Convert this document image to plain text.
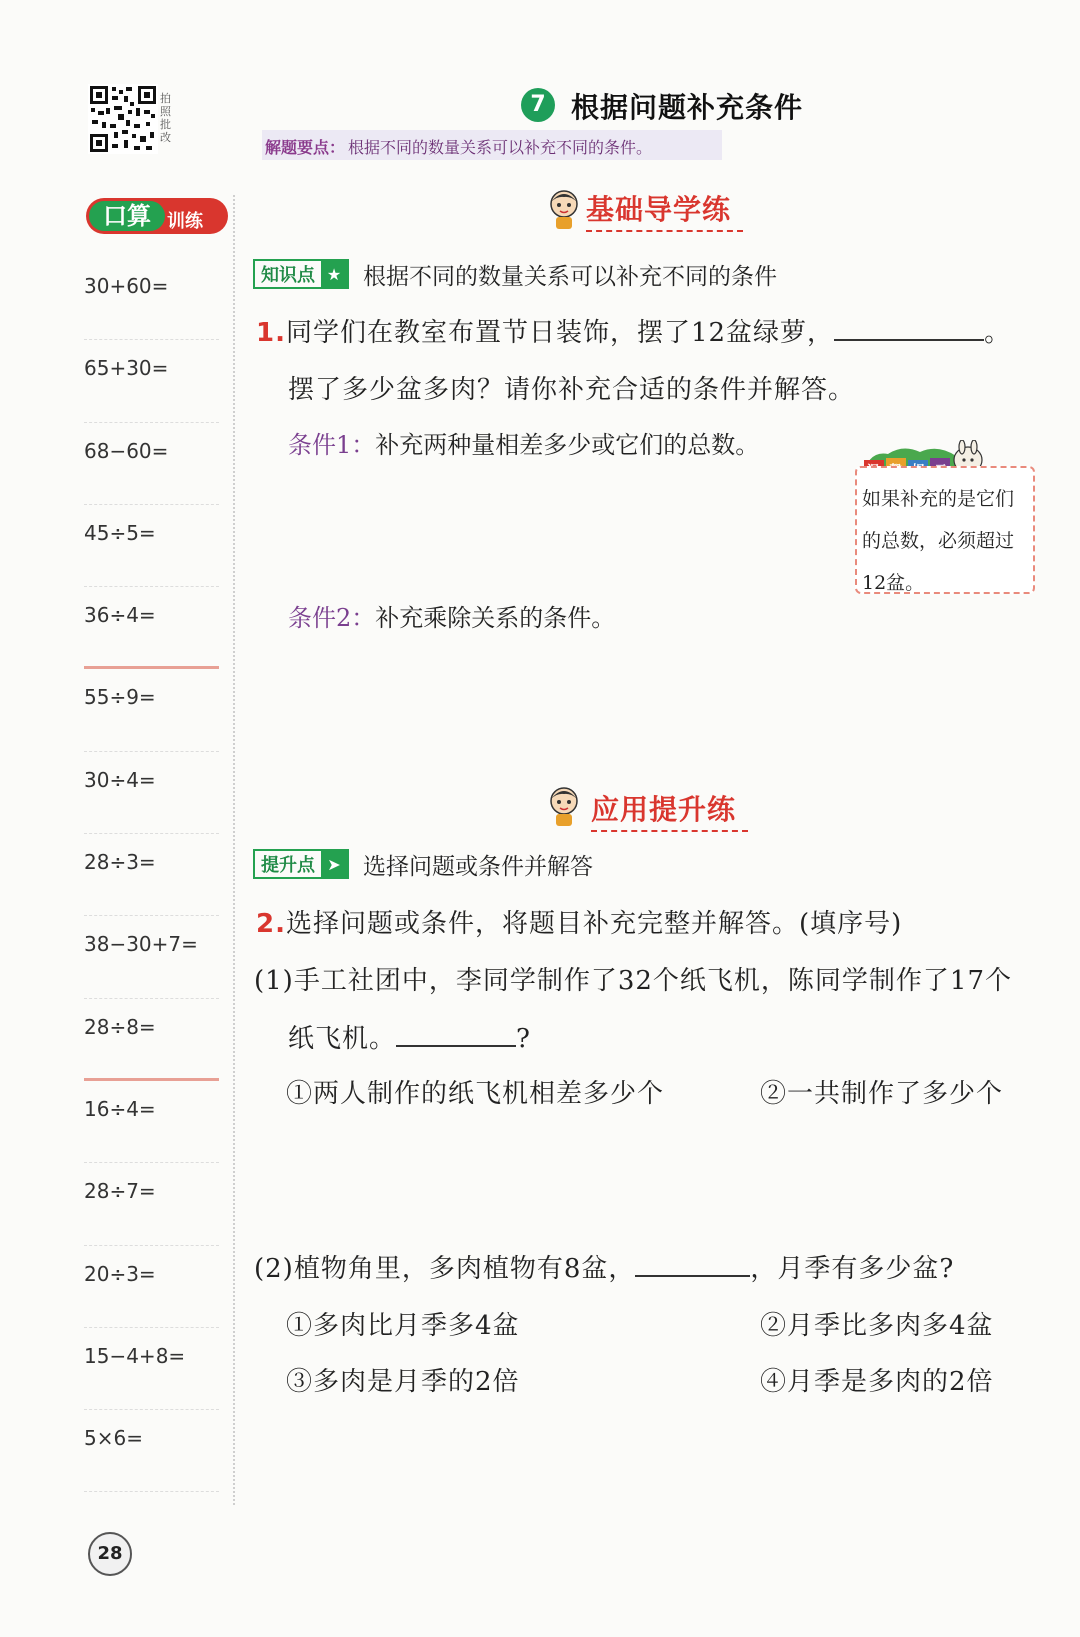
拍照批改
7 根据问题补充条件
解题要点： 根据不同的数量关系可以补充不同的条件。
口算 训练
30+60=
65+30=
68−60=
45÷5=
36÷4=
55÷9=
30÷4=
28÷3=
38−30+7=
28÷8=
16÷4=
28÷7=
20÷3=
15−4+8=
5×6=
基础导学练
知识点 ★ 根据不同的数量关系可以补充不同的条件
1.同学们在教室布置节日装饰，摆了12盆绿萝，	。
摆了多少盆多肉？请你补充合适的条件并解答。
条件1：补充两种量相差多少或它们的总数。
如果补充的是它们的总数，必须超过12盆。
条件2：补充乘除关系的条件。
应用提升练
提升点 ➤ 选择问题或条件并解答
2.选择问题或条件，将题目补充完整并解答。(填序号)
(1)手工社团中，李同学制作了32个纸飞机，陈同学制作了17个
纸飞机。	?
①两人制作的纸飞机相差多少个	②一共制作了多少个
(2)植物角里，多肉植物有8盆，	，月季有多少盆?
①多肉比月季多4盆	②月季比多肉多4盆
③多肉是月季的2倍	④月季是多肉的2倍
28
